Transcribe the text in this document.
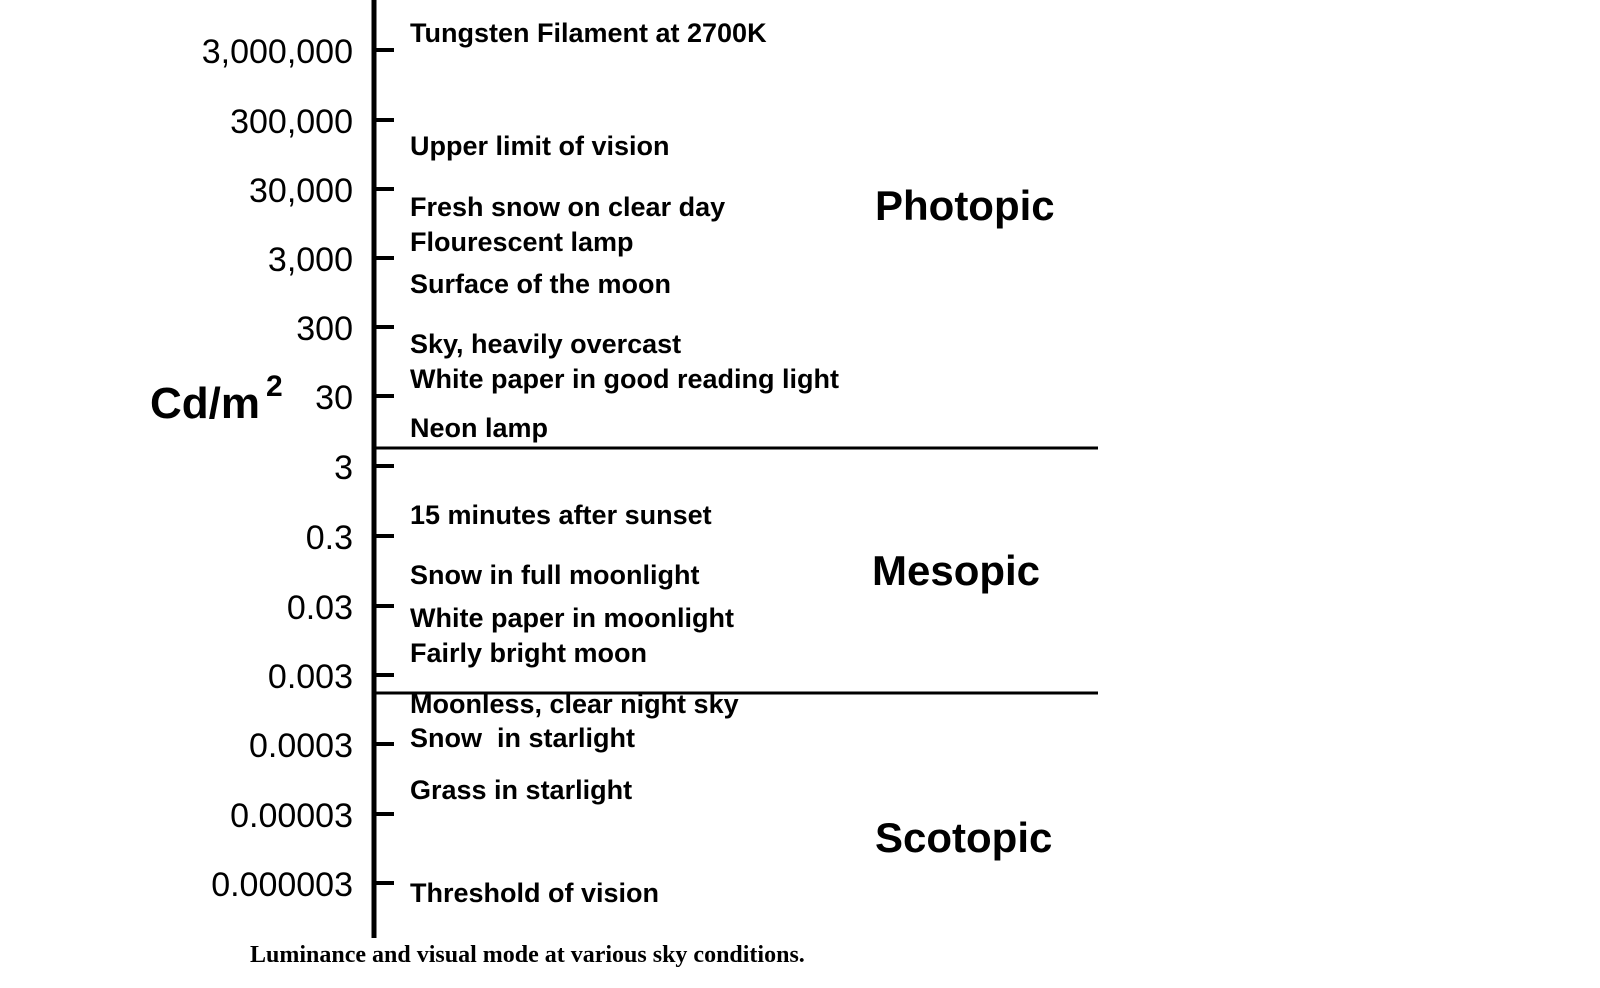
Cd/m $^2$
3,000,000
300,000
30,000
3,000
300
30
3
0.3
0.03
0.003
0.0003
0.00003
0.000003
Tungsten Filament at 2700K
Upper limit of vision
Fresh snow on clear day
Flourescent lamp
Surface of the moon
Sky, heavily overcast
White paper in good reading light
Neon lamp
15 minutes after sunset
Snow in full moonlight
White paper in moonlight
Fairly bright moon
Moonless, clear night sky
Snow  in starlight
Grass in starlight
Threshold of vision
Photopic
Mesopic
Scotopic
Luminance and visual mode at various sky conditions.
